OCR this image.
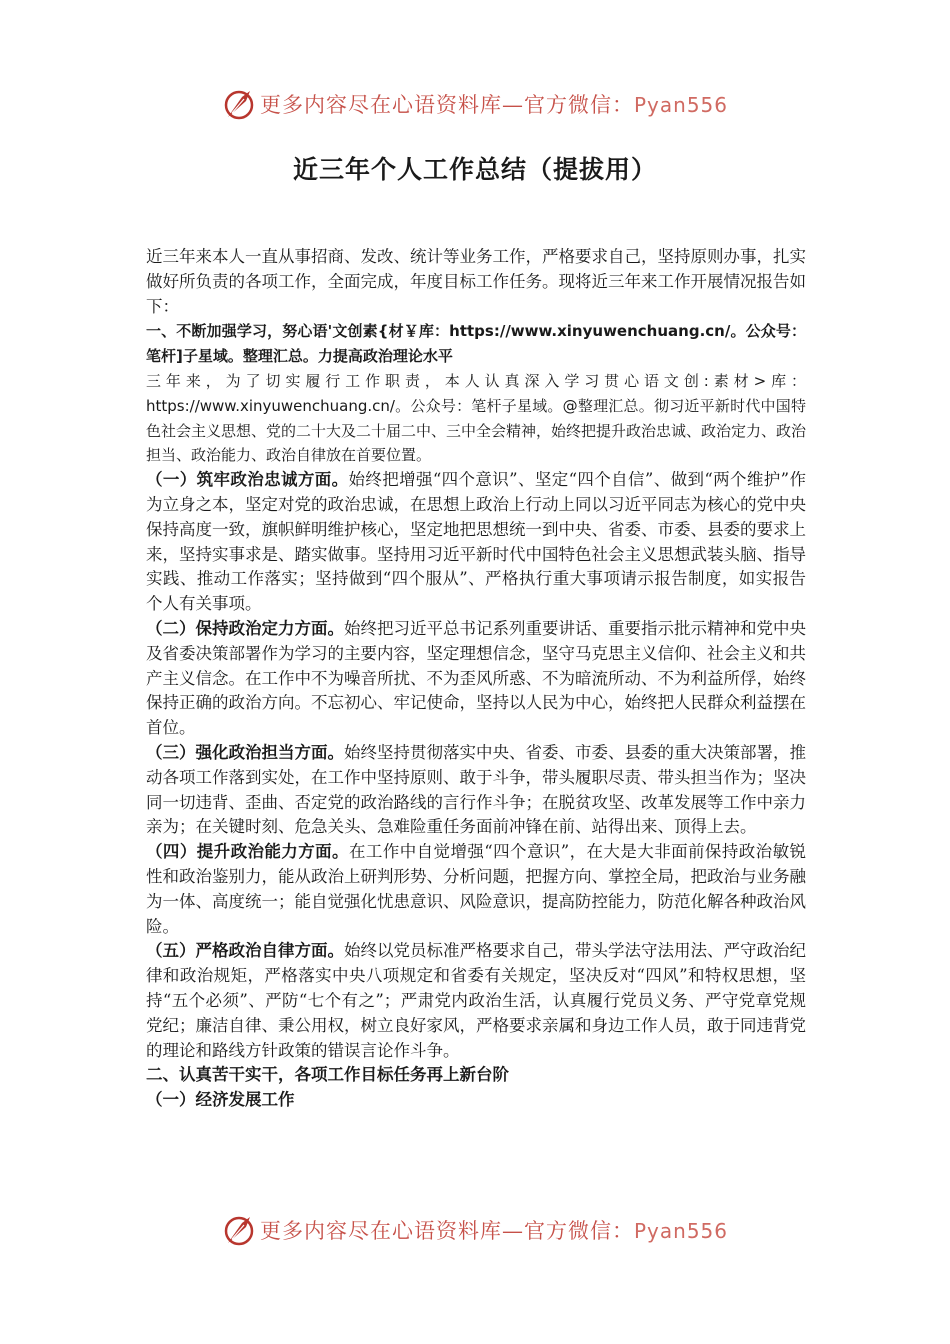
更多内容尽在心语资料库—官方微信：Pyan556
近三年个人工作总结（提拔用）

近三年来本人一直从事招商、发改、统计等业务工作，严格要求自己，坚持原则办事，扎实做好所负责的各项工作，全面完成，年度目标工作任务。现将近三年来工作开展情况报告如下：

一、不断加强学习，努心语'文创素{材￥库：https://www.xinyuwenchuang.cn/。公众号：笔杆]子星域。整理汇总。力提高政治理论水平

三年来，为了切实履行工作职责，本人认真深入学习贯心语文创:素材>库：https://www.xinyuwenchuang.cn/。公众号：笔杆子星域。@整理汇总。彻习近平新时代中国特色社会主义思想、党的二十大及二十届二中、三中全会精神，始终把提升政治忠诚、政治定力、政治担当、政治能力、政治自律放在首要位置。

（一）筑牢政治忠诚方面。始终把增强“四个意识”、坚定“四个自信”、做到“两个维护”作为立身之本，坚定对党的政治忠诚，在思想上政治上行动上同以习近平同志为核心的党中央保持高度一致，旗帜鲜明维护核心，坚定地把思想统一到中央、省委、市委、县委的要求上来，坚持实事求是、踏实做事。坚持用习近平新时代中国特色社会主义思想武装头脑、指导实践、推动工作落实；坚持做到“四个服从”、严格执行重大事项请示报告制度，如实报告个人有关事项。

（二）保持政治定力方面。始终把习近平总书记系列重要讲话、重要指示批示精神和党中央及省委决策部署作为学习的主要内容，坚定理想信念，坚守马克思主义信仰、社会主义和共产主义信念。在工作中不为噪音所扰、不为歪风所惑、不为暗流所动、不为利益所俘，始终保持正确的政治方向。不忘初心、牢记使命，坚持以人民为中心，始终把人民群众利益摆在首位。

（三）强化政治担当方面。始终坚持贯彻落实中央、省委、市委、县委的重大决策部署，推动各项工作落到实处，在工作中坚持原则、敢于斗争，带头履职尽责、带头担当作为；坚决同一切违背、歪曲、否定党的政治路线的言行作斗争；在脱贫攻坚、改革发展等工作中亲力亲为；在关键时刻、危急关头、急难险重任务面前冲锋在前、站得出来、顶得上去。

（四）提升政治能力方面。在工作中自觉增强“四个意识”，在大是大非面前保持政治敏锐性和政治鉴别力，能从政治上研判形势、分析问题，把握方向、掌控全局，把政治与业务融为一体、高度统一；能自觉强化忧患意识、风险意识，提高防控能力，防范化解各种政治风险。

（五）严格政治自律方面。始终以党员标准严格要求自己，带头学法守法用法、严守政治纪律和政治规矩，严格落实中央八项规定和省委有关规定，坚决反对“四风”和特权思想，坚持“五个必须”、严防“七个有之”；严肃党内政治生活，认真履行党员义务、严守党章党规党纪；廉洁自律、秉公用权，树立良好家风，严格要求亲属和身边工作人员，敢于同违背党的理论和路线方针政策的错误言论作斗争。

二、认真苦干实干，各项工作目标任务再上新台阶

（一）经济发展工作

更多内容尽在心语资料库—官方微信：Pyan556
